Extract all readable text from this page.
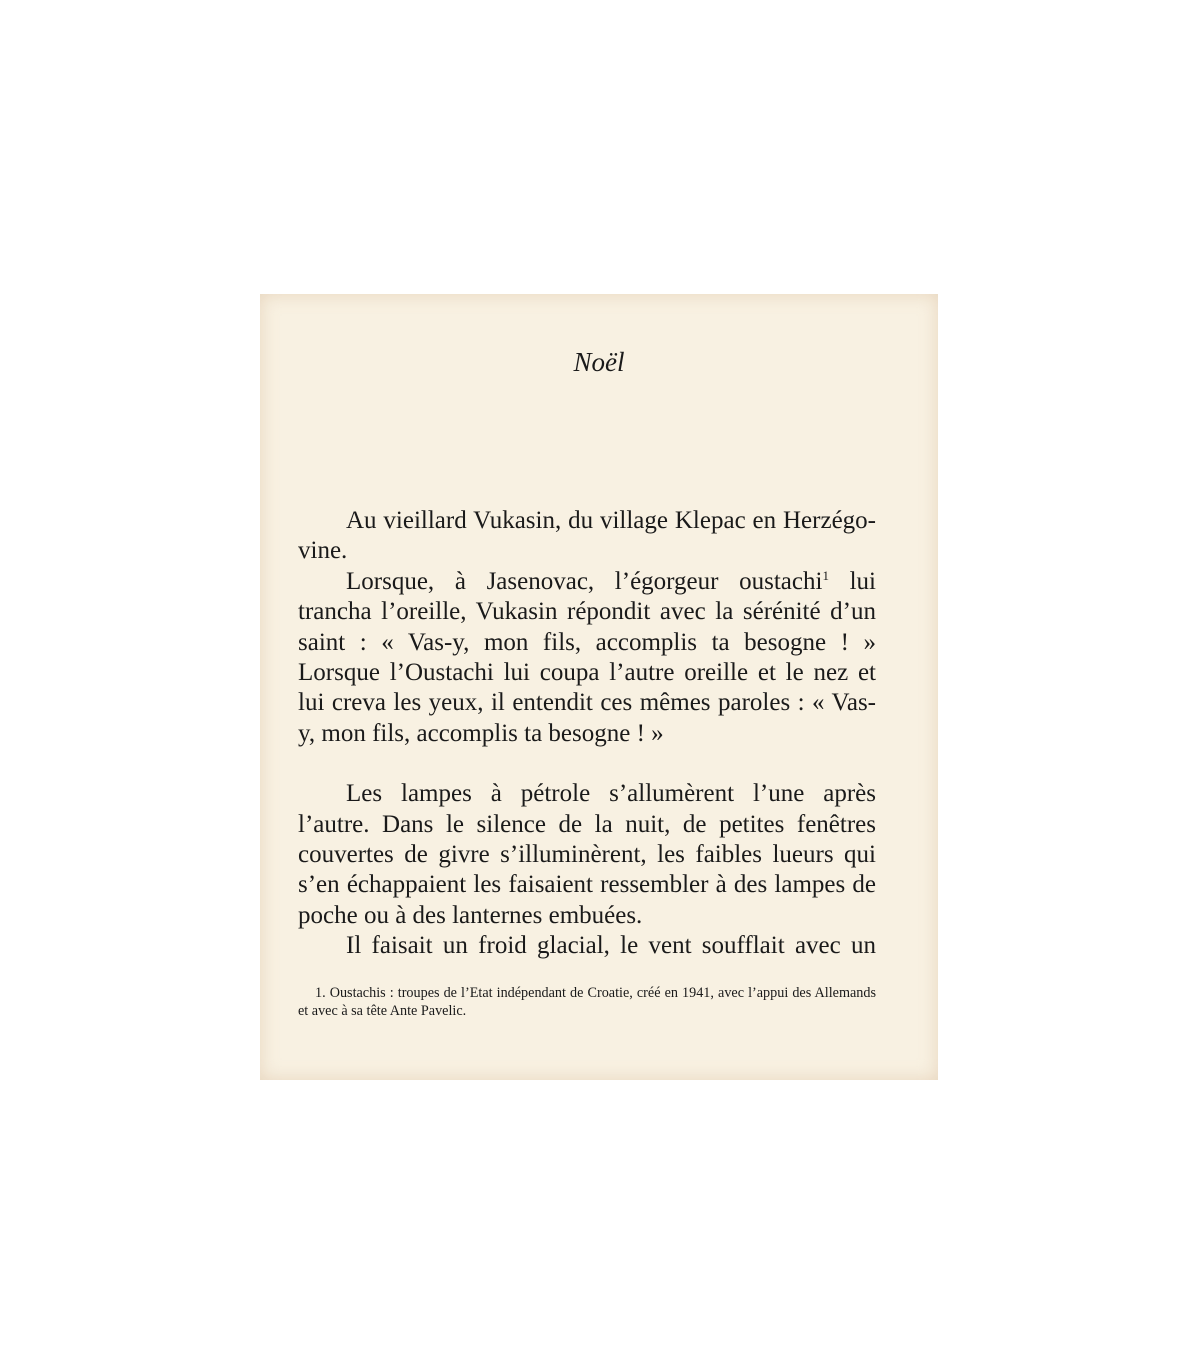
Noël

Au vieillard Vukasin, du village Klepac en Herzégo-vine.

Lorsque, à Jasenovac, l’égorgeur oustachi$^1$ lui trancha l’oreille, Vukasin répondit avec la sérénité d’un saint : « Vas-y, mon fils, accomplis ta besogne ! » Lorsque l’Oustachi lui coupa l’autre oreille et le nez et lui creva les yeux, il entendit ces mêmes paroles : « Vas-y, mon fils, accomplis ta besogne ! »

Les lampes à pétrole s’allumèrent l’une après l’autre. Dans le silence de la nuit, de petites fenêtres couvertes de givre s’illuminèrent, les faibles lueurs qui s’en échappaient les faisaient ressembler à des lampes de poche ou à des lanternes embuées.

Il faisait un froid glacial, le vent soufflait avec un

1. Oustachis : troupes de l’Etat indépendant de Croatie, créé en 1941, avec l’appui des Allemands et avec à sa tête Ante Pavelic.
